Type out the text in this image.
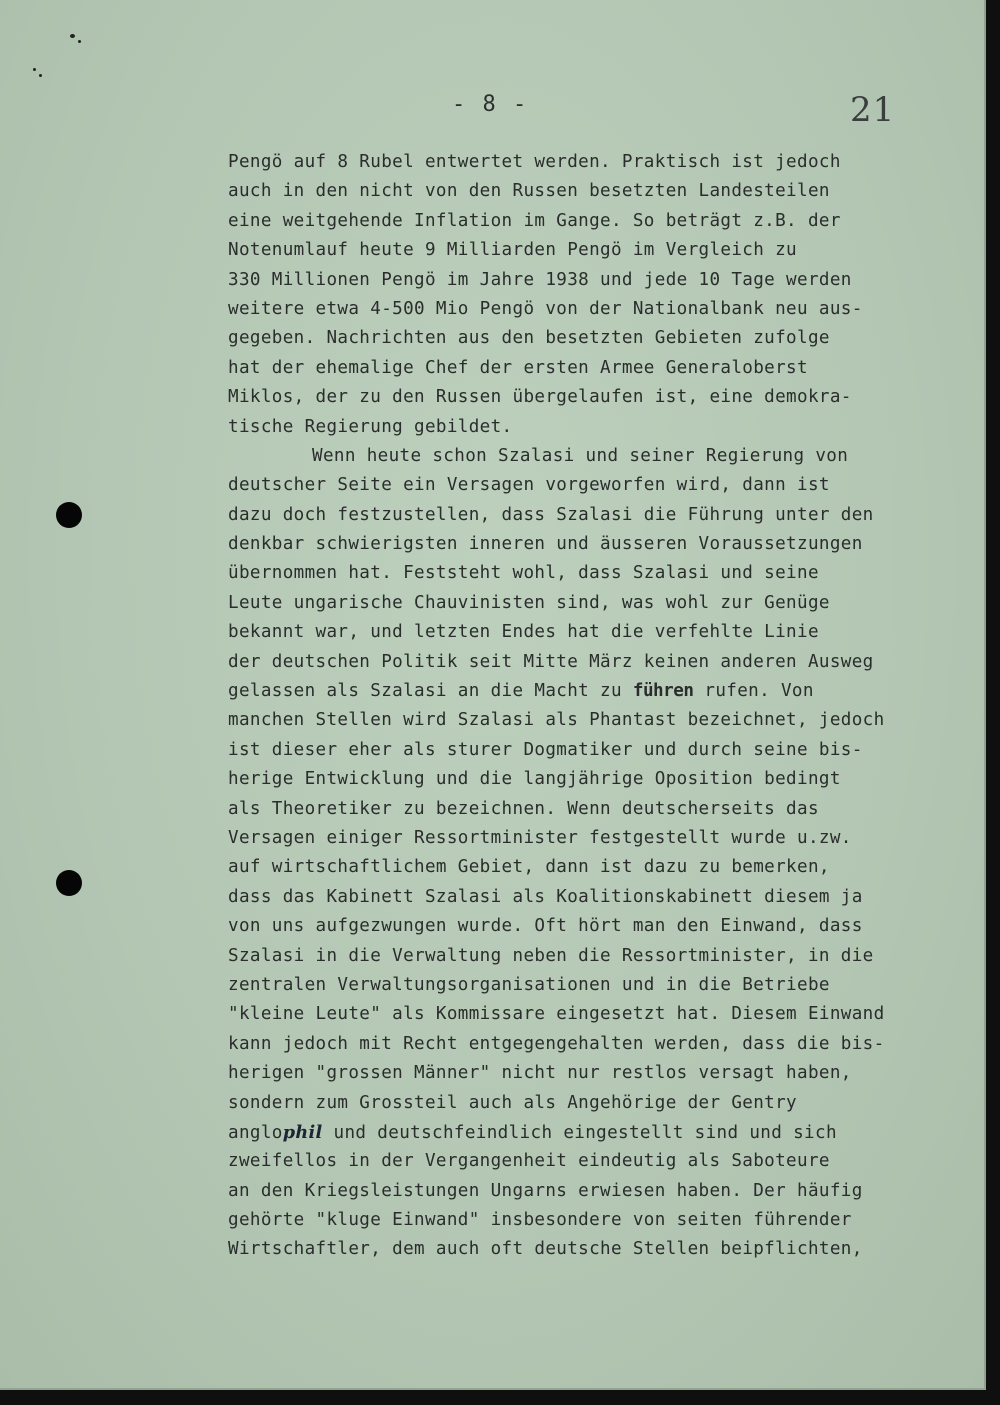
- 8 -	21
Pengö auf 8 Rubel entwertet werden. Praktisch ist jedoch
auch in den nicht von den Russen besetzten Landesteilen
eine weitgehende Inflation im Gange. So beträgt z.B. der
Notenumlauf heute 9 Milliarden Pengö im Vergleich zu
330 Millionen Pengö im Jahre 1938 und jede 10 Tage werden
weitere etwa 4-500 Mio Pengö von der Nationalbank neu aus-
gegeben. Nachrichten aus den besetzten Gebieten zufolge
hat der ehemalige Chef der ersten Armee Generaloberst
Miklos, der zu den Russen übergelaufen ist, eine demokra-
tische Regierung gebildet.
Wenn heute schon Szalasi und seiner Regierung von
deutscher Seite ein Versagen vorgeworfen wird, dann ist
dazu doch festzustellen, dass Szalasi die Führung unter den
denkbar schwierigsten inneren und äusseren Voraussetzungen
übernommen hat. Feststeht wohl, dass Szalasi und seine
Leute ungarische Chauvinisten sind, was wohl zur Genüge
bekannt war, und letzten Endes hat die verfehlte Linie
der deutschen Politik seit Mitte März keinen anderen Ausweg
gelassen als Szalasi an die Macht zu führen rufen. Von
manchen Stellen wird Szalasi als Phantast bezeichnet, jedoch
ist dieser eher als sturer Dogmatiker und durch seine bis-
herige Entwicklung und die langjährige Oposition bedingt
als Theoretiker zu bezeichnen. Wenn deutscherseits das
Versagen einiger Ressortminister festgestellt wurde u.zw.
auf wirtschaftlichem Gebiet, dann ist dazu zu bemerken,
dass das Kabinett Szalasi als Koalitionskabinett diesem ja
von uns aufgezwungen wurde. Oft hört man den Einwand, dass
Szalasi in die Verwaltung neben die Ressortminister, in die
zentralen Verwaltungsorganisationen und in die Betriebe
"kleine Leute" als Kommissare eingesetzt hat. Diesem Einwand
kann jedoch mit Recht entgegengehalten werden, dass die bis-
herigen "grossen Männer" nicht nur restlos versagt haben,
sondern zum Grossteil auch als Angehörige der Gentry
anglophil und deutschfeindlich eingestellt sind und sich
zweifellos in der Vergangenheit eindeutig als Saboteure
an den Kriegsleistungen Ungarns erwiesen haben. Der häufig
gehörte "kluge Einwand" insbesondere von seiten führender
Wirtschaftler, dem auch oft deutsche Stellen beipflichten,
